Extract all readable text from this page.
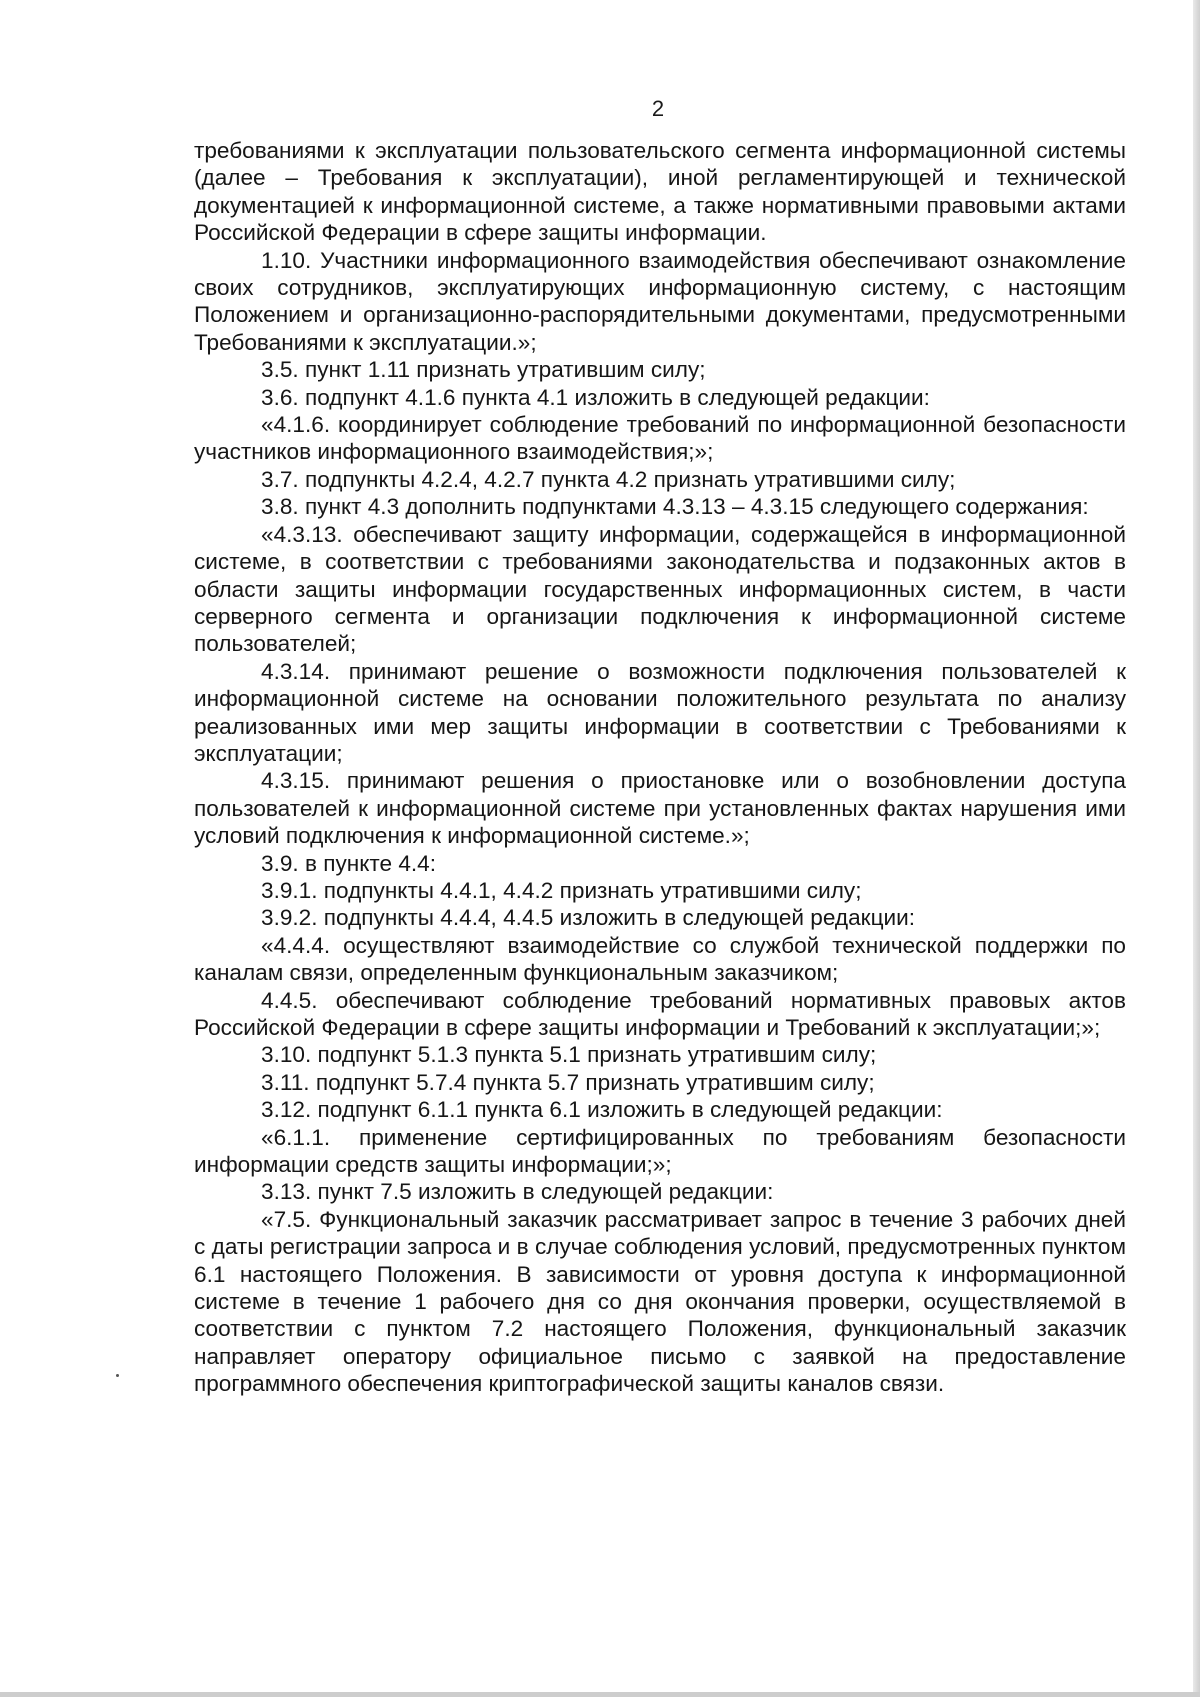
2

требованиями к эксплуатации пользовательского сегмента информационной системы (далее – Требования к эксплуатации), иной регламентирующей и технической документацией к информационной системе, а также нормативными правовыми актами Российской Федерации в сфере защиты информации.

1.10. Участники информационного взаимодействия обеспечивают ознакомление своих сотрудников, эксплуатирующих информационную систему, с настоящим Положением и организационно-распорядительными документами, предусмотренными Требованиями к эксплуатации.»;

3.5. пункт 1.11 признать утратившим силу;

3.6. подпункт 4.1.6 пункта 4.1 изложить в следующей редакции:

«4.1.6. координирует соблюдение требований по информационной безопасности участников информационного взаимодействия;»;

3.7. подпункты 4.2.4, 4.2.7 пункта 4.2 признать утратившими силу;

3.8. пункт 4.3 дополнить подпунктами 4.3.13 – 4.3.15 следующего содержания:

«4.3.13. обеспечивают защиту информации, содержащейся в информационной системе, в соответствии с требованиями законодательства и подзаконных актов в области защиты информации государственных информационных систем, в части серверного сегмента и организации подключения к информационной системе пользователей;

4.3.14. принимают решение о возможности подключения пользователей к информационной системе на основании положительного результата по анализу реализованных ими мер защиты информации в соответствии с Требованиями к эксплуатации;

4.3.15. принимают решения о приостановке или о возобновлении доступа пользователей к информационной системе при установленных фактах нарушения ими условий подключения к информационной системе.»;

3.9. в пункте 4.4:

3.9.1. подпункты 4.4.1, 4.4.2 признать утратившими силу;

3.9.2. подпункты 4.4.4, 4.4.5 изложить в следующей редакции:

«4.4.4. осуществляют взаимодействие со службой технической поддержки по каналам связи, определенным функциональным заказчиком;

4.4.5. обеспечивают соблюдение требований нормативных правовых актов Российской Федерации в сфере защиты информации и Требований к эксплуатации;»;

3.10. подпункт 5.1.3 пункта 5.1 признать утратившим силу;

3.11. подпункт 5.7.4 пункта 5.7 признать утратившим силу;

3.12. подпункт 6.1.1 пункта 6.1 изложить в следующей редакции:

«6.1.1. применение сертифицированных по требованиям безопасности информации средств защиты информации;»;

3.13. пункт 7.5 изложить в следующей редакции:

«7.5. Функциональный заказчик рассматривает запрос в течение 3 рабочих дней с даты регистрации запроса и в случае соблюдения условий, предусмотренных пунктом 6.1 настоящего Положения. В зависимости от уровня доступа к информационной системе в течение 1 рабочего дня со дня окончания проверки, осуществляемой в соответствии с пунктом 7.2 настоящего Положения, функциональный заказчик направляет оператору официальное письмо с заявкой на предоставление программного обеспечения криптографической защиты каналов связи.
